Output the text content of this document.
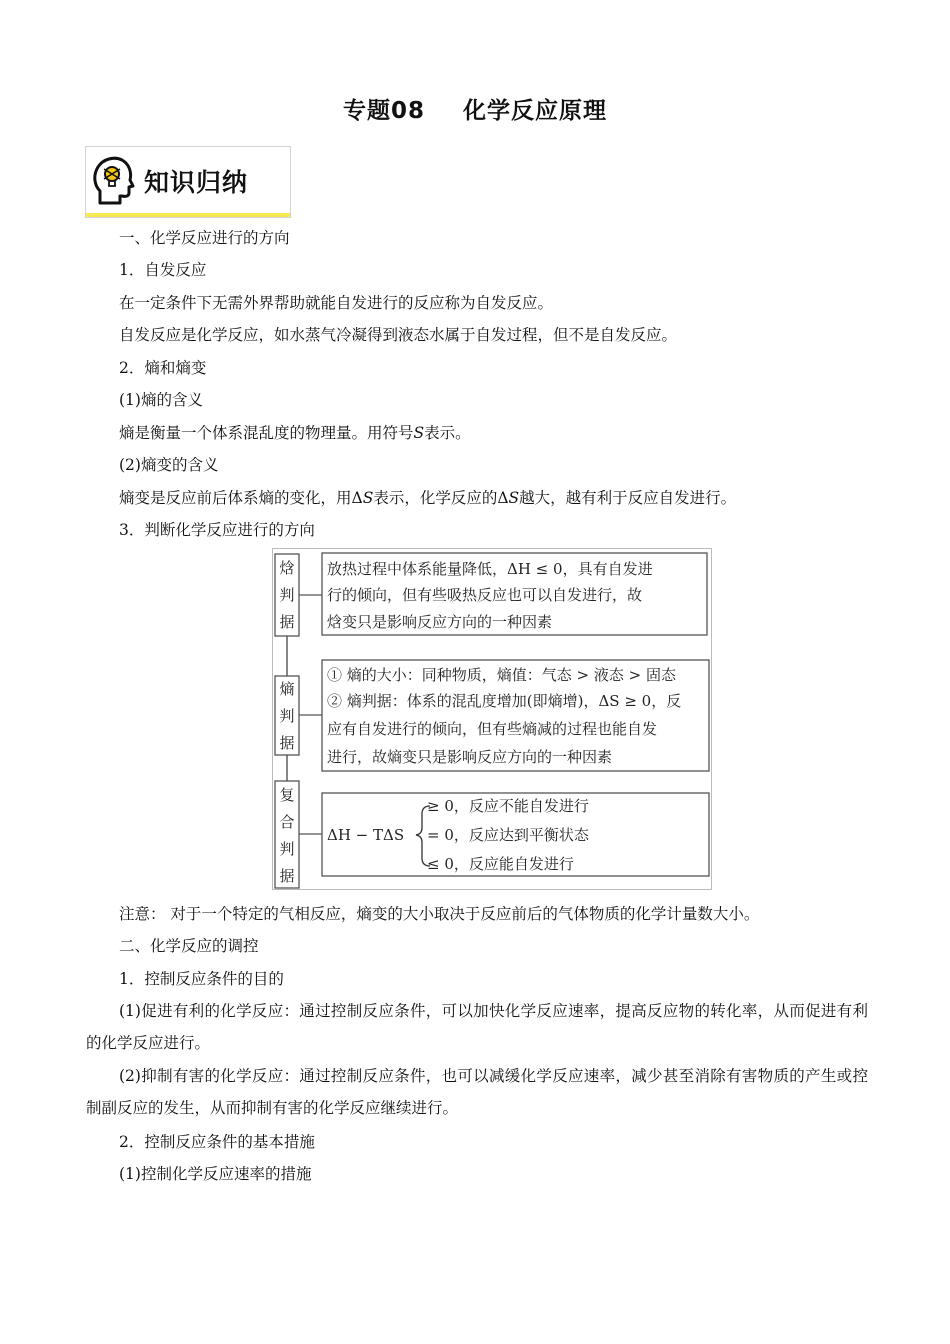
专题08 化学反应原理
知识归纳
一、化学反应进行的方向
1．自发反应
在一定条件下无需外界帮助就能自发进行的反应称为自发反应。
自发反应是化学反应，如水蒸气冷凝得到液态水属于自发过程，但不是自发反应。
2．熵和熵变
(1)熵的含义
熵是衡量一个体系混乱度的物理量。用符号S表示。
(2)熵变的含义
熵变是反应前后体系熵的变化，用ΔS表示，化学反应的ΔS越大，越有利于反应自发进行。
3．判断化学反应进行的方向
焓
判
据
放热过程中体系能量降低，ΔH ≤ 0，具有自发进
行的倾向，但有些吸热反应也可以自发进行，故
焓变只是影响反应方向的一种因素
熵
判
据
① 熵的大小：同种物质，熵值：气态 > 液态 > 固态
② 熵判据：体系的混乱度增加(即熵增)，ΔS ≥ 0，反
应有自发进行的倾向，但有些熵减的过程也能自发
进行，故熵变只是影响反应方向的一种因素
复
合
判
据
ΔH − TΔS
≥ 0，反应不能自发进行
= 0，反应达到平衡状态
≤ 0，反应能自发进行
注意： 对于一个特定的气相反应，熵变的大小取决于反应前后的气体物质的化学计量数大小。
二、化学反应的调控
1．控制反应条件的目的
(1)促进有利的化学反应：通过控制反应条件，可以加快化学反应速率，提高反应物的转化率，从而促进有利的化学反应进行。
(2)抑制有害的化学反应：通过控制反应条件，也可以减缓化学反应速率，减少甚至消除有害物质的产生或控制副反应的发生，从而抑制有害的化学反应继续进行。
2．控制反应条件的基本措施
(1)控制化学反应速率的措施
